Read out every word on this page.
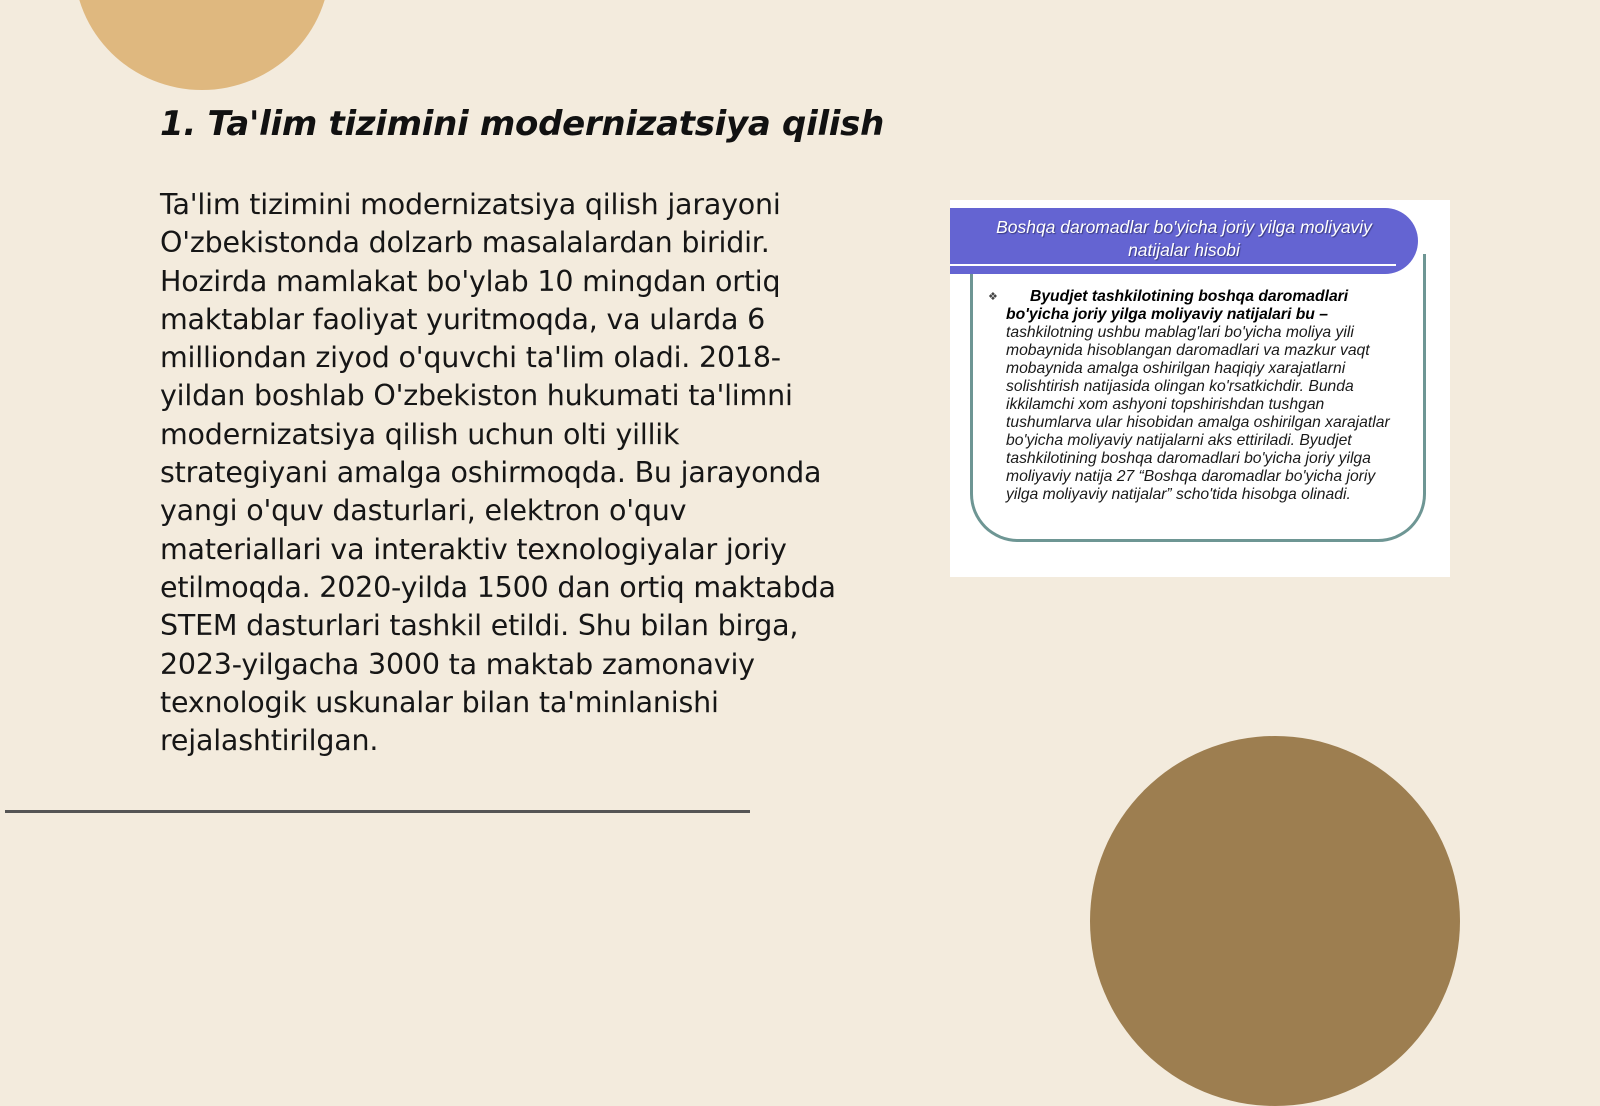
1. Ta'lim tizimini modernizatsiya qilish

Ta'lim tizimini modernizatsiya qilish jarayoni O'zbekistonda dolzarb masalalardan biridir. Hozirda mamlakat bo'ylab 10 mingdan ortiq maktablar faoliyat yuritmoqda, va ularda 6 milliondan ziyod o'quvchi ta'lim oladi. 2018-yildan boshlab O'zbekiston hukumati ta'limni modernizatsiya qilish uchun olti yillik strategiyani amalga oshirmoqda. Bu jarayonda yangi o'quv dasturlari, elektron o'quv materiallari va interaktiv texnologiyalar joriy etilmoqda. 2020-yilda 1500 dan ortiq maktabda STEM dasturlari tashkil etildi. Shu bilan birga, 2023-yilgacha 3000 ta maktab zamonaviy texnologik uskunalar bilan ta'minlanishi rejalashtirilgan.

Boshqa daromadlar bo'yicha joriy yilga moliyaviy natijalar hisobi
❖	Byudjet tashkilotining boshqa daromadlari bo'yicha joriy yilga moliyaviy natijalari bu – tashkilotning ushbu mablag'lari bo'yicha moliya yili mobaynida hisoblangan daromadlari va mazkur vaqt mobaynida amalga oshirilgan haqiqiy xarajatlarni solishtirish natijasida olingan ko'rsatkichdir. Bunda ikkilamchi xom ashyoni topshirishdan tushgan tushumlarva ular hisobidan amalga oshirilgan xarajatlar bo'yicha moliyaviy natijalarni aks ettiriladi. Byudjet tashkilotining boshqa daromadlari bo'yicha joriy yilga moliyaviy natija 27 “Boshqa daromadlar bo'yicha joriy yilga moliyaviy natijalar” scho'tida hisobga olinadi.
